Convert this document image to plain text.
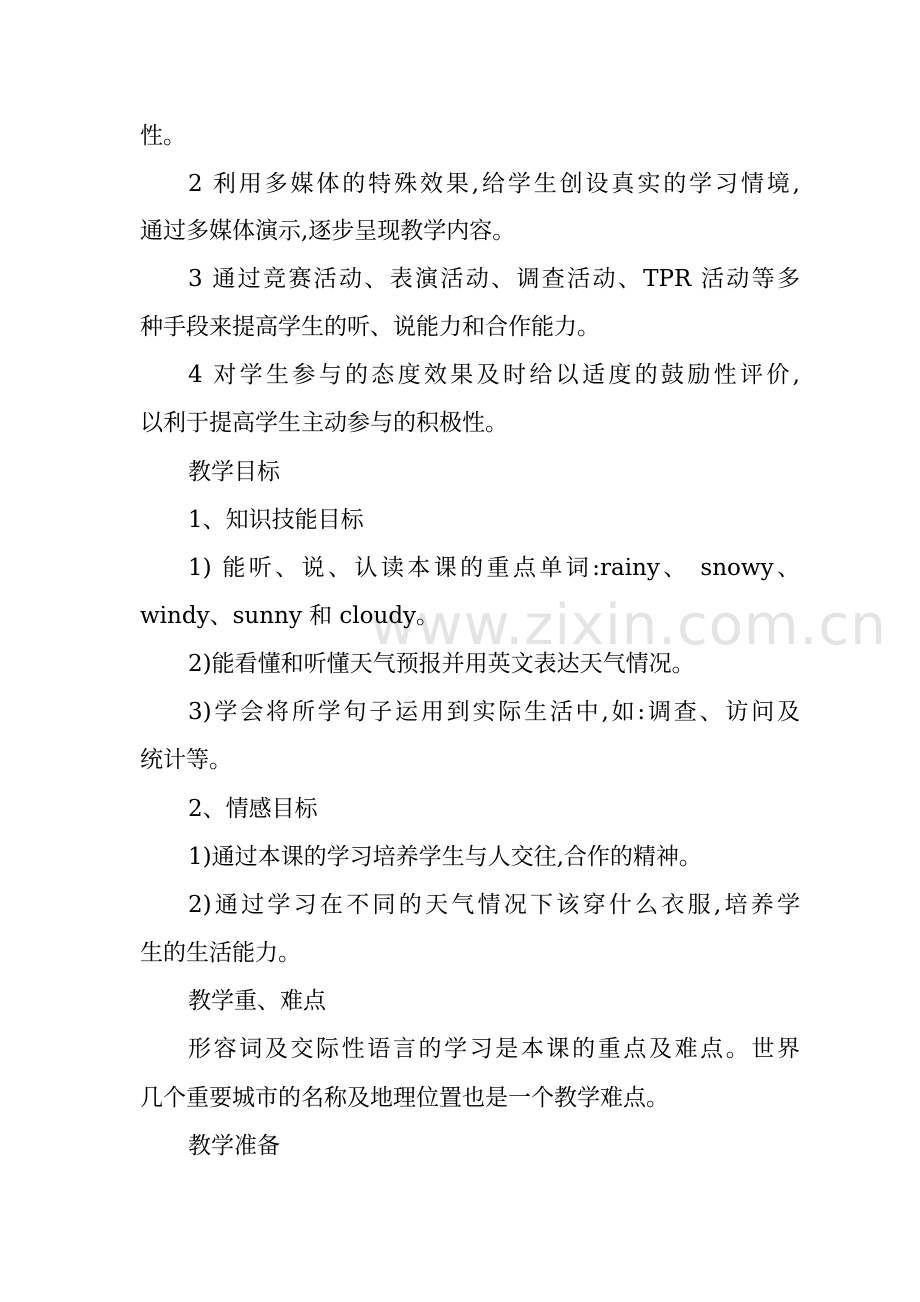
www.zixin.com.cn
性。
2 利用多媒体的特殊效果,给学生创设真实的学习情境,
通过多媒体演示,逐步呈现教学内容。
3 通过竞赛活动、表演活动、调查活动、TPR 活动等多
种手段来提高学生的听、说能力和合作能力。
4 对学生参与的态度效果及时给以适度的鼓励性评价,
以利于提高学生主动参与的积极性。
教学目标
1、知识技能目标
1) 能听、说、认读本课的重点单词:rainy、 snowy、
windy、sunny 和 cloudy。
2)能看懂和听懂天气预报并用英文表达天气情况。
3)学会将所学句子运用到实际生活中,如:调查、访问及
统计等。
2、情感目标
1)通过本课的学习培养学生与人交往,合作的精神。
2)通过学习在不同的天气情况下该穿什么衣服,培养学
生的生活能力。
教学重、难点
形容词及交际性语言的学习是本课的重点及难点。世界
几个重要城市的名称及地理位置也是一个教学难点。
教学准备
